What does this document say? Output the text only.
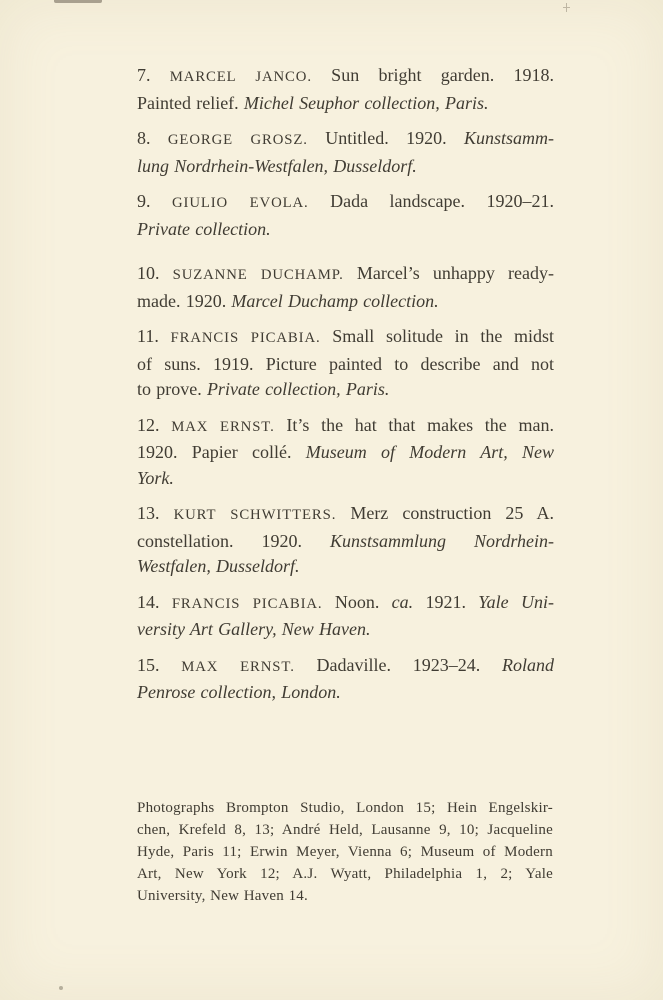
7. MARCEL JANCO. Sun bright garden. 1918.
Painted relief. Michel Seuphor collection, Paris.
8. GEORGE GROSZ. Untitled. 1920. Kunstsamm-
lung Nordrhein-Westfalen, Dusseldorf.
9. GIULIO EVOLA. Dada landscape. 1920–21.
Private collection.
10. SUZANNE DUCHAMP. Marcel’s unhappy ready-
made. 1920. Marcel Duchamp collection.
11. FRANCIS PICABIA. Small solitude in the midst
of suns. 1919. Picture painted to describe and not
to prove. Private collection, Paris.
12. MAX ERNST. It’s the hat that makes the man.
1920. Papier collé. Museum of Modern Art, New
York.
13. KURT SCHWITTERS. Merz construction 25 A.
constellation. 1920. Kunstsammlung Nordrhein-
Westfalen, Dusseldorf.
14. FRANCIS PICABIA. Noon. ca. 1921. Yale Uni-
versity Art Gallery, New Haven.
15. MAX ERNST. Dadaville. 1923–24. Roland
Penrose collection, London.
Photographs Brompton Studio, London 15; Hein Engelskir-
chen, Krefeld 8, 13; André Held, Lausanne 9, 10; Jacqueline
Hyde, Paris 11; Erwin Meyer, Vienna 6; Museum of Modern
Art, New York 12; A.J. Wyatt, Philadelphia 1, 2; Yale
University, New Haven 14.
